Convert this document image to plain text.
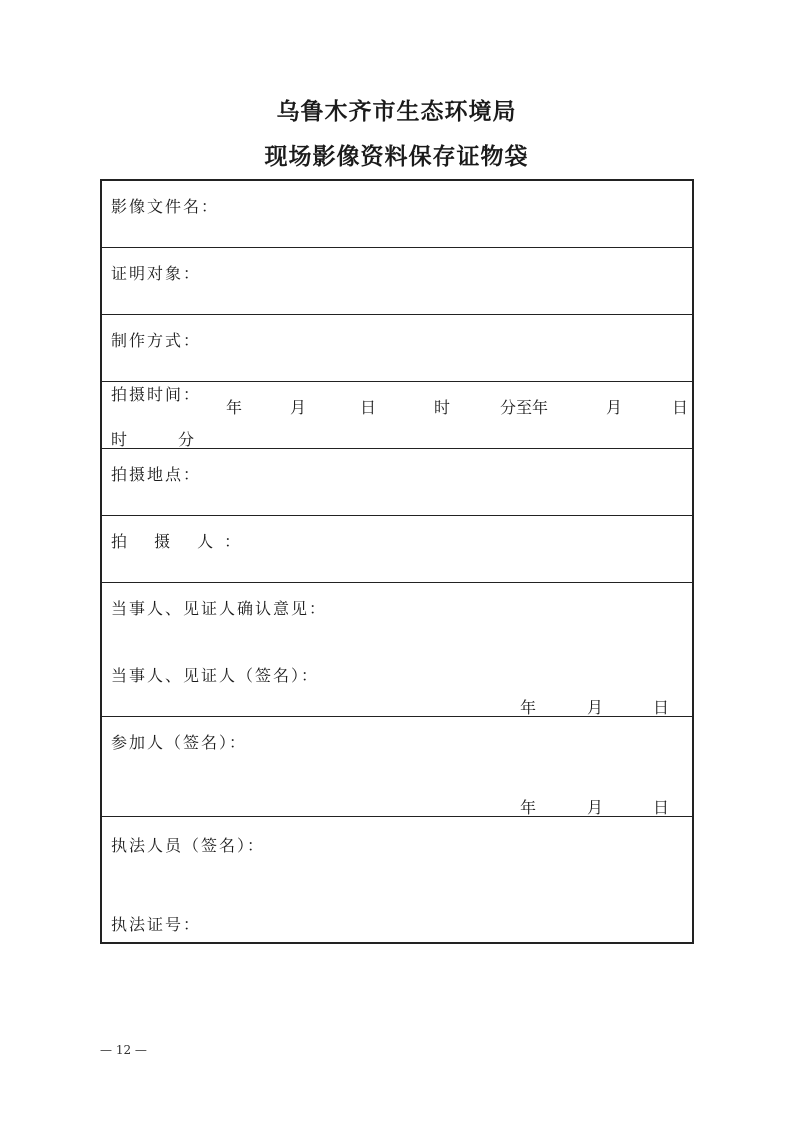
乌鲁木齐市生态环境局
现场影像资料保存证物袋
影像文件名：
证明对象：
制作方式：
拍摄时间：
年	月	日	时	分至年	月	日
时	分
拍摄地点：
拍 摄 人：
当事人、见证人确认意见：
当事人、见证人（签名）：
年	月	日
参加人（签名）：
年	月	日
执法人员（签名）：
执法证号：
— 12 —
